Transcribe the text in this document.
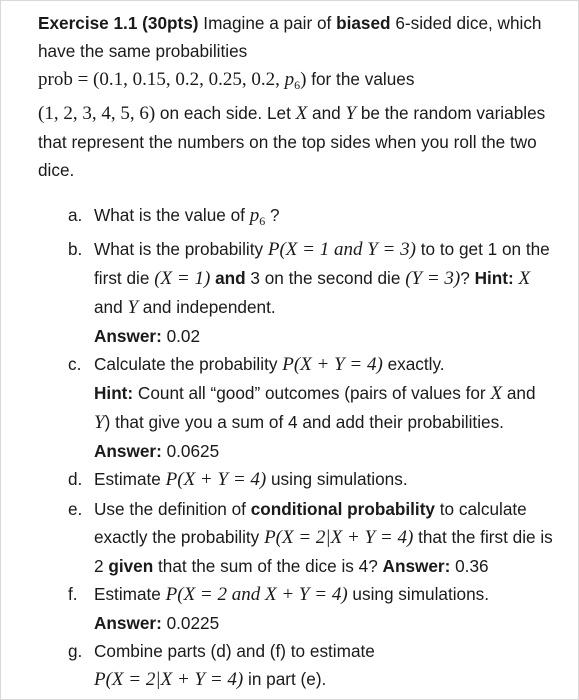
Exercise 1.1 (30pts) Imagine a pair of biased 6-sided dice, which have the same probabilities
prob = (0.1, 0.15, 0.2, 0.25, 0.2, $p_6$) for the values
(1, 2, 3, 4, 5, 6) on each side. Let X and Y be the random variables that represent the numbers on the top sides when you roll the two dice.

a. What is the value of $p_6$ ?
b. What is the probability P(X = 1 and Y = 3) to to get 1 on the first die (X = 1) and 3 on the second die (Y = 3)? Hint: X and Y and independent.
Answer: 0.02
c. Calculate the probability P(X + Y = 4) exactly.
Hint: Count all “good” outcomes (pairs of values for X and Y) that give you a sum of 4 and add their probabilities. Answer: 0.0625
d. Estimate P(X + Y = 4) using simulations.
e. Use the definition of conditional probability to calculate exactly the probability P(X = 2|X + Y = 4) that the first die is 2 given that the sum of the dice is 4? Answer: 0.36
f. Estimate P(X = 2 and X + Y = 4) using simulations. Answer: 0.0225
g. Combine parts (d) and (f) to estimate
P(X = 2|X + Y = 4) in part (e).
